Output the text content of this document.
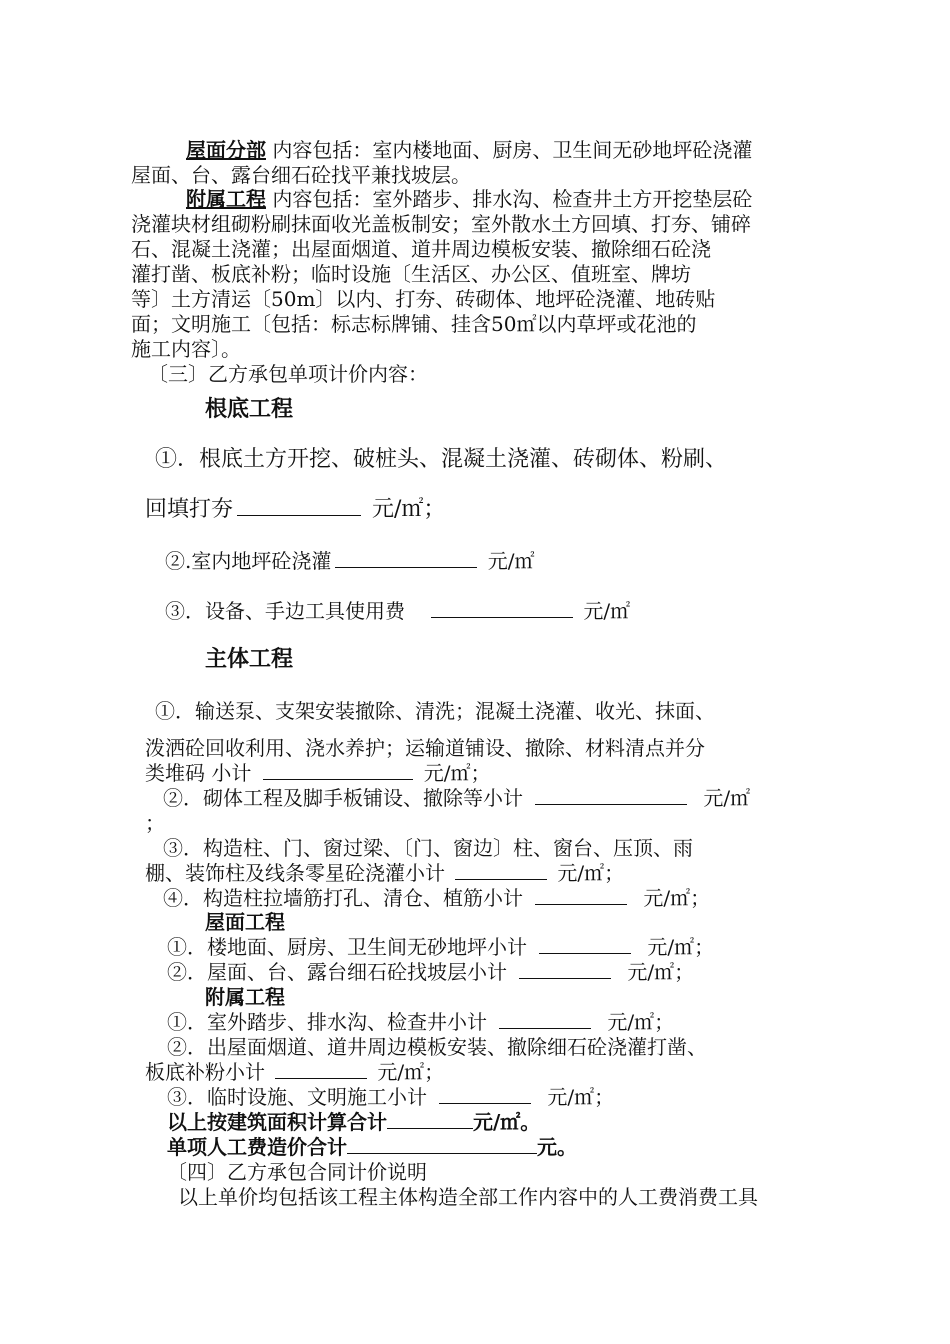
屋面分部 内容包括：室内楼地面、厨房、卫生间无砂地坪砼浇灌
屋面、台、露台细石砼找平兼找坡层。
附属工程 内容包括：室外踏步、排水沟、检查井土方开挖垫层砼
浇灌块材组砌粉刷抹面收光盖板制安；室外散水土方回填、打夯、铺碎
石、混凝土浇灌；出屋面烟道、道井周边模板安装、撤除细石砼浇
灌打凿、板底补粉；临时设施〔生活区、办公区、值班室、牌坊
等〕土方清运〔50m〕以内、打夯、砖砌体、地坪砼浇灌、地砖贴
面；文明施工〔包括：标志标牌铺、挂含50㎡以内草坪或花池的
施工内容〕。
〔三〕乙方承包单项计价内容：
根底工程
①．根底土方开挖、破桩头、混凝土浇灌、砖砌体、粉刷、
回填打夯	元/㎡；
②.室内地坪砼浇灌	元/㎡
③．设备、手边工具使用费	元/㎡
主体工程
①．输送泵、支架安装撤除、清洗；混凝土浇灌、收光、抹面、
泼洒砼回收利用、浇水养护；运输道铺设、撤除、材料清点并分
类堆码 小计	元/㎡；
②．砌体工程及脚手板铺设、撤除等小计	元/㎡
；
③．构造柱、门、窗过梁、〔门、窗边〕柱、窗台、压顶、雨
棚、装饰柱及线条零星砼浇灌小计	元/㎡；
④．构造柱拉墙筋打孔、清仓、植筋小计	元/㎡；
屋面工程
①．楼地面、厨房、卫生间无砂地坪小计	元/㎡；
②．屋面、台、露台细石砼找坡层小计	元/㎡；
附属工程
①．室外踏步、排水沟、检查井小计	元/㎡；
②．出屋面烟道、道井周边模板安装、撤除细石砼浇灌打凿、
板底补粉小计	元/㎡；
③．临时设施、文明施工小计	元/㎡；
以上按建筑面积计算合计	元/㎡。
单项人工费造价合计	元。
〔四〕乙方承包合同计价说明
以上单价均包括该工程主体构造全部工作内容中的人工费消费工具
